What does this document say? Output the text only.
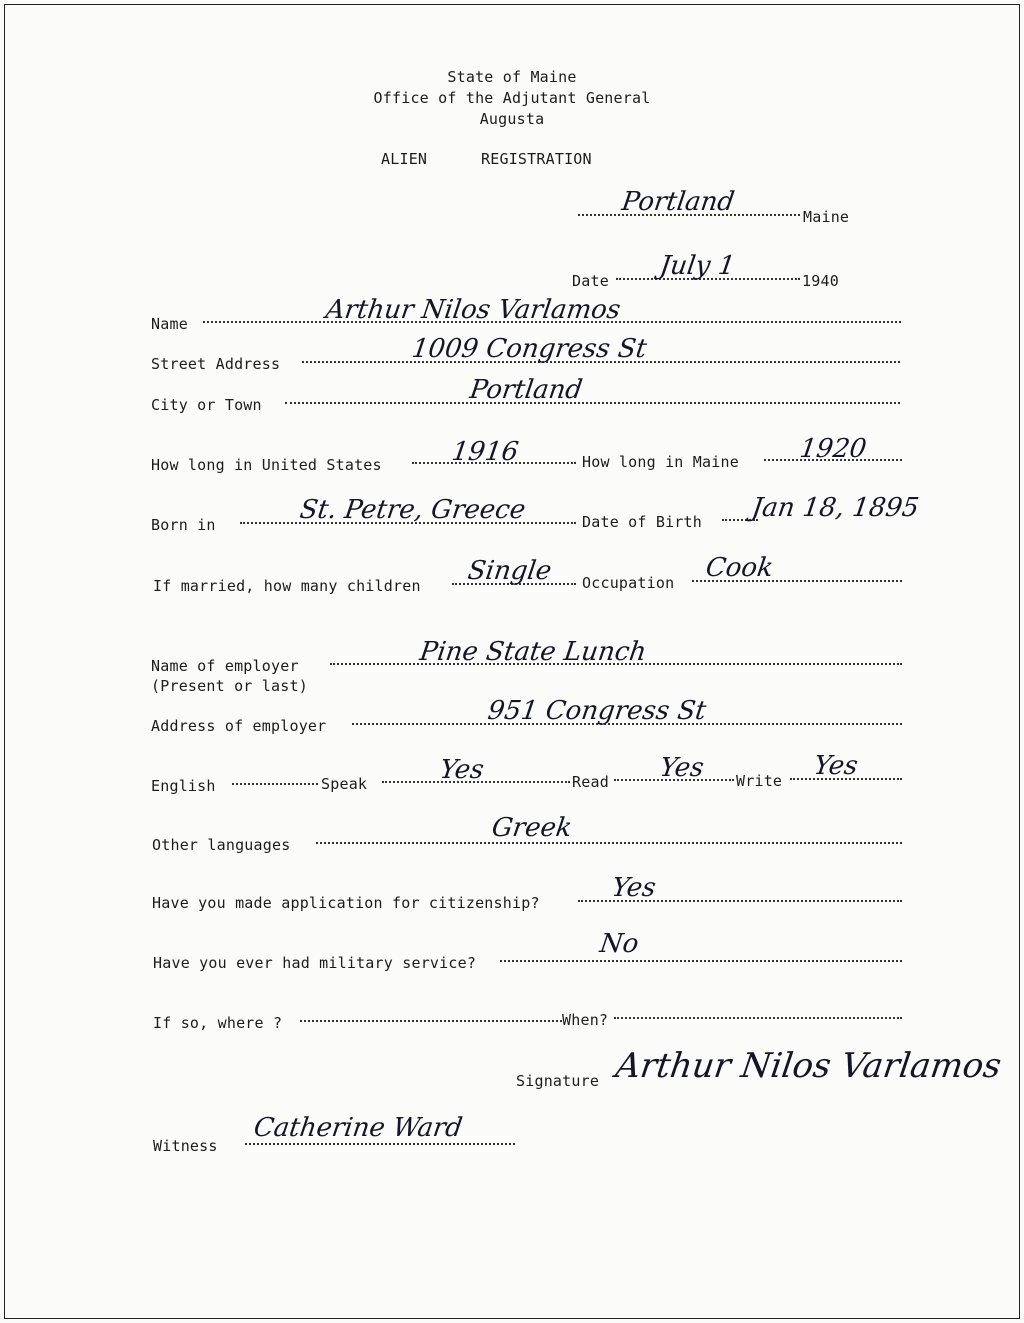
State of Maine
Office of the Adjutant General
Augusta
ALIEN	REGISTRATION
Portland	Maine
Date July 1	1940
Name	Arthur Nilos Varlamos
Street Address	1009 Congress St
City or Town	Portland
How long in United States	1916	How long in Maine 1920
Born in	St. Petre, Greece	Date of Birth Jan 18, 1895
If married, how many children Single Occupation Cook
Name of employer
(Present or last)
Pine State Lunch
Address of employer	951 Congress St
English	Speak	Yes	Read Yes Write Yes
Other languages
Greek
Have you made application for citizenship?	Yes
Have you ever had military service?
No
If so, where ?	When?
Signature Arthur Nilos Varlamos
Witness
Catherine Ward
